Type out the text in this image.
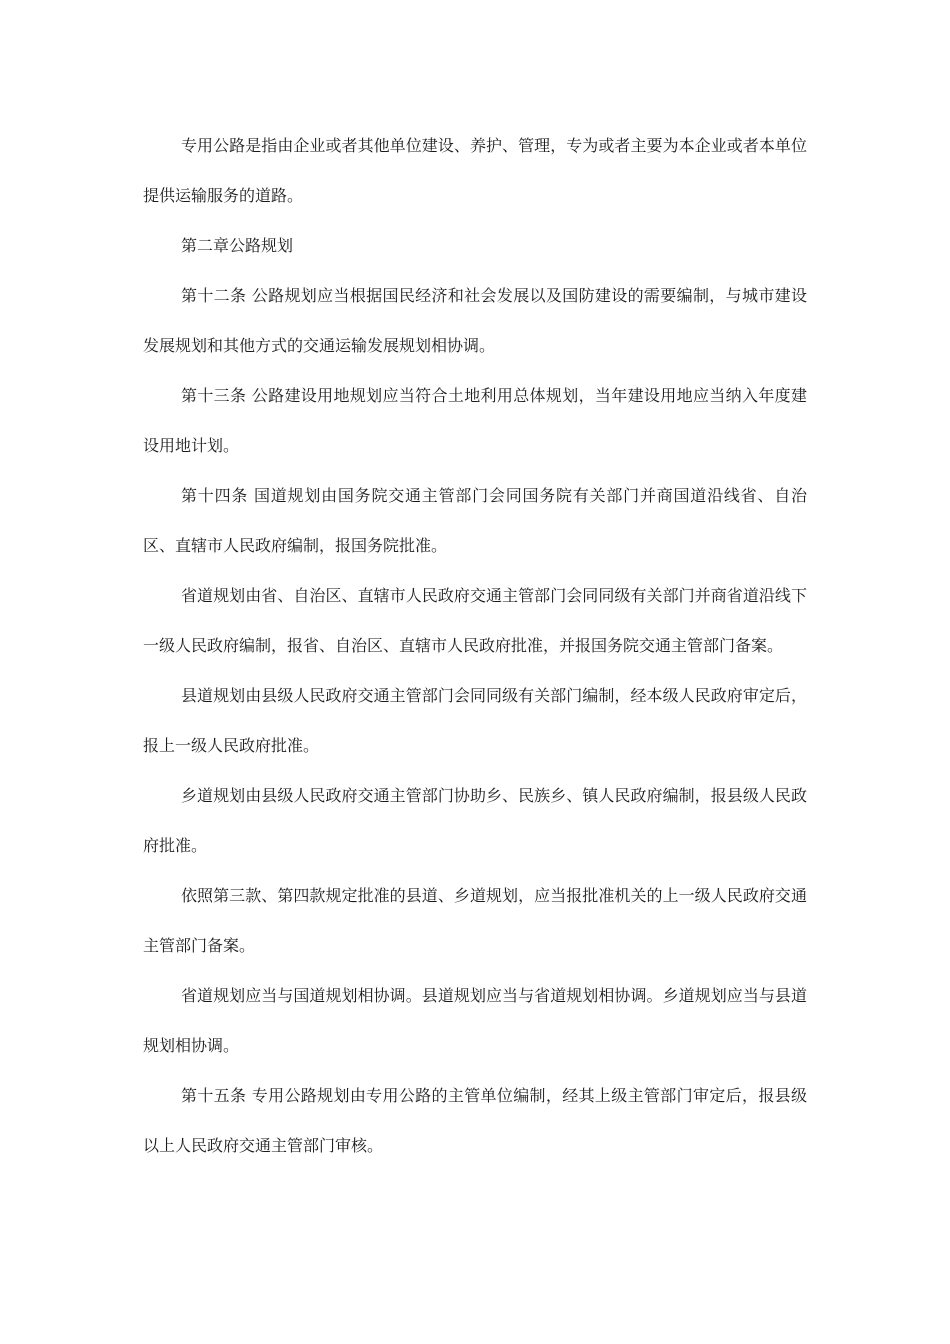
专用公路是指由企业或者其他单位建设、养护、管理，专为或者主要为本企业或者本单位提供运输服务的道路。

第二章公路规划

第十二条 公路规划应当根据国民经济和社会发展以及国防建设的需要编制，与城市建设发展规划和其他方式的交通运输发展规划相协调。

第十三条 公路建设用地规划应当符合土地利用总体规划，当年建设用地应当纳入年度建设用地计划。

第十四条 国道规划由国务院交通主管部门会同国务院有关部门并商国道沿线省、自治区、直辖市人民政府编制，报国务院批准。

省道规划由省、自治区、直辖市人民政府交通主管部门会同同级有关部门并商省道沿线下一级人民政府编制，报省、自治区、直辖市人民政府批准，并报国务院交通主管部门备案。

县道规划由县级人民政府交通主管部门会同同级有关部门编制，经本级人民政府审定后，报上一级人民政府批准。

乡道规划由县级人民政府交通主管部门协助乡、民族乡、镇人民政府编制，报县级人民政府批准。

依照第三款、第四款规定批准的县道、乡道规划，应当报批准机关的上一级人民政府交通主管部门备案。

省道规划应当与国道规划相协调。县道规划应当与省道规划相协调。乡道规划应当与县道规划相协调。

第十五条 专用公路规划由专用公路的主管单位编制，经其上级主管部门审定后，报县级以上人民政府交通主管部门审核。
